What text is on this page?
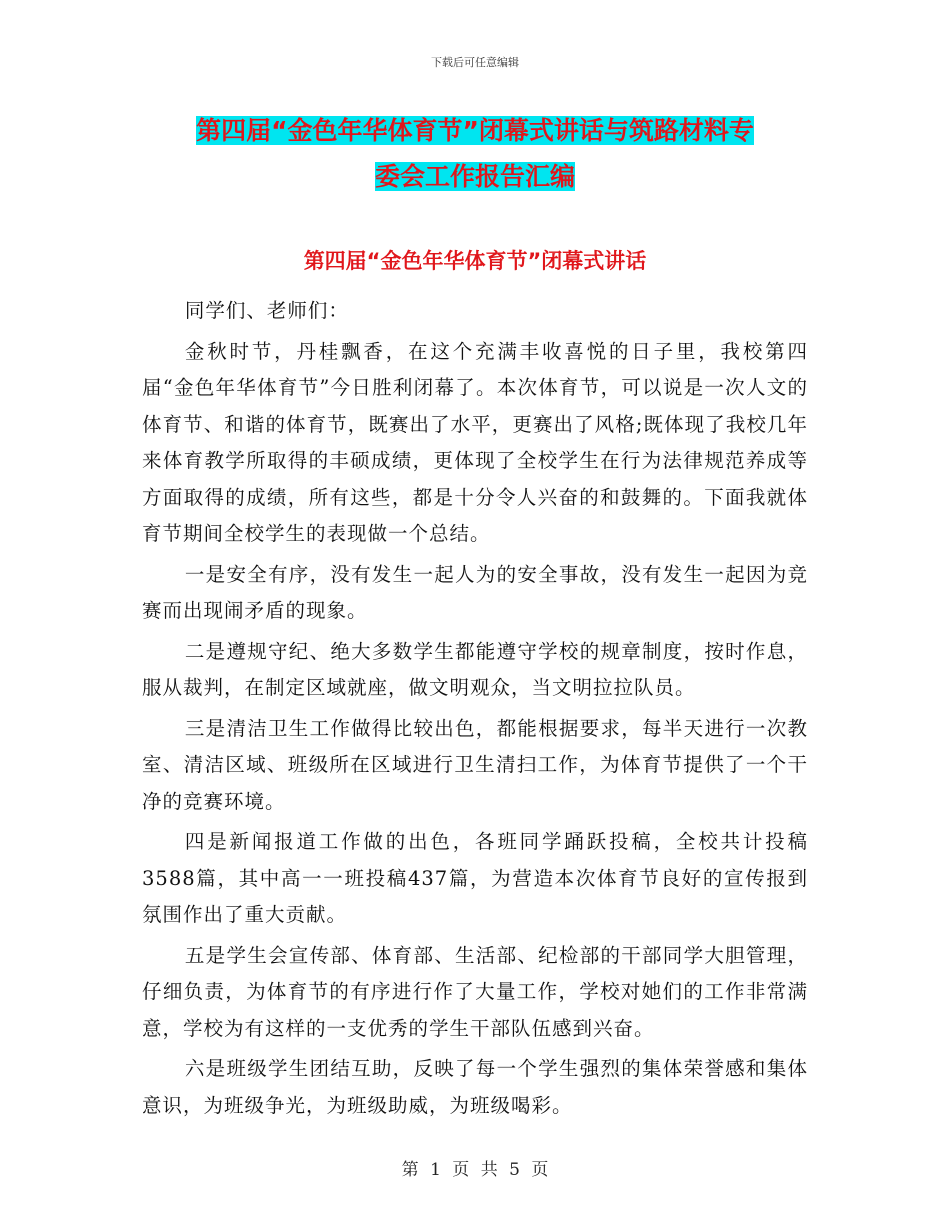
下载后可任意编辑
第四届“金色年华体育节”闭幕式讲话与筑路材料专
委会工作报告汇编
第四届“金色年华体育节”闭幕式讲话

同学们、老师们：

金秋时节，丹桂飘香，在这个充满丰收喜悦的日子里，我校第四届“金色年华体育节”今日胜利闭幕了。本次体育节，可以说是一次人文的体育节、和谐的体育节，既赛出了水平，更赛出了风格;既体现了我校几年来体育教学所取得的丰硕成绩，更体现了全校学生在行为法律规范养成等方面取得的成绩，所有这些，都是十分令人兴奋的和鼓舞的。下面我就体育节期间全校学生的表现做一个总结。

一是安全有序，没有发生一起人为的安全事故，没有发生一起因为竞赛而出现闹矛盾的现象。

二是遵规守纪、绝大多数学生都能遵守学校的规章制度，按时作息，服从裁判，在制定区域就座，做文明观众，当文明拉拉队员。

三是清洁卫生工作做得比较出色，都能根据要求，每半天进行一次教室、清洁区域、班级所在区域进行卫生清扫工作，为体育节提供了一个干净的竞赛环境。

四是新闻报道工作做的出色，各班同学踊跃投稿，全校共计投稿3588篇，其中高一一班投稿437篇，为营造本次体育节良好的宣传报到氛围作出了重大贡献。

五是学生会宣传部、体育部、生活部、纪检部的干部同学大胆管理，仔细负责，为体育节的有序进行作了大量工作，学校对她们的工作非常满意，学校为有这样的一支优秀的学生干部队伍感到兴奋。

六是班级学生团结互助，反映了每一个学生强烈的集体荣誉感和集体意识，为班级争光，为班级助威，为班级喝彩。

第 1 页 共 5 页
